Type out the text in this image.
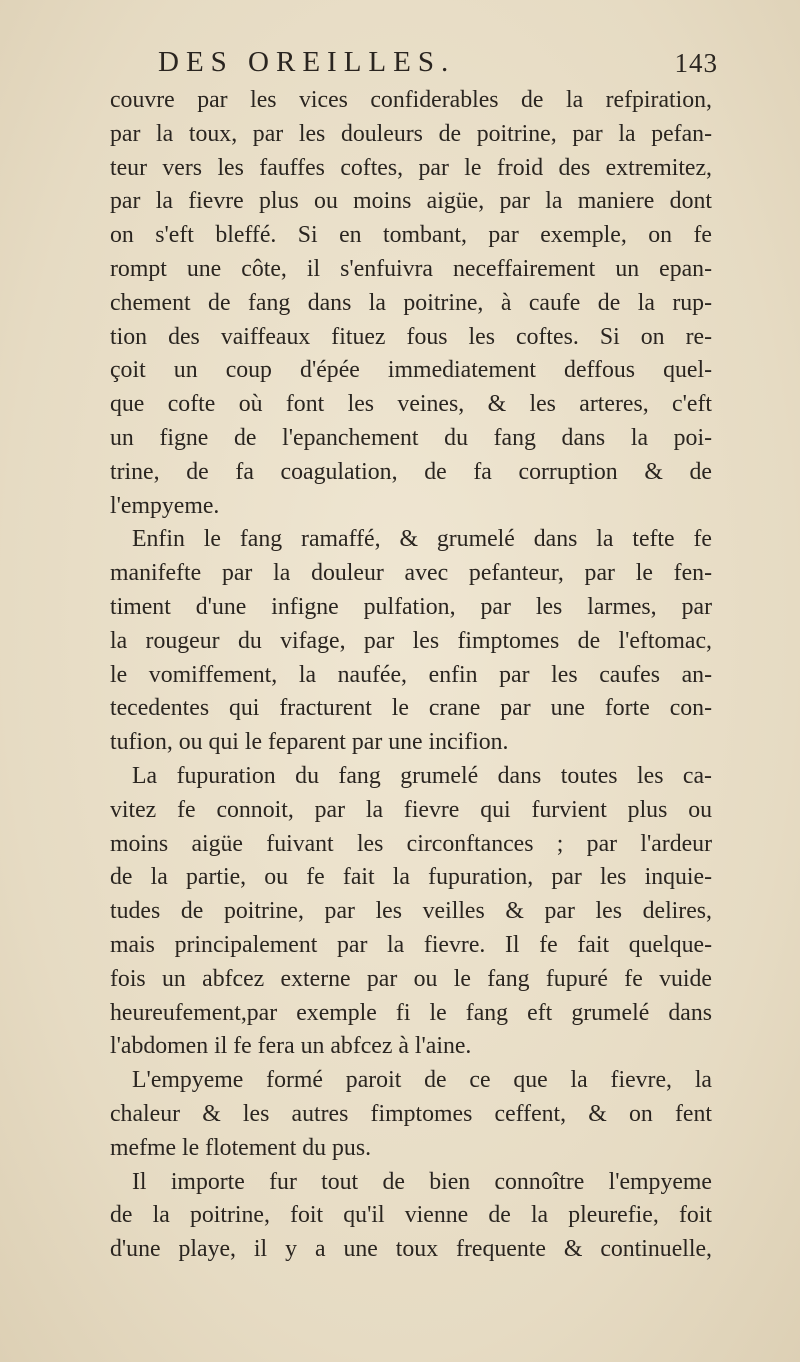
DES OREILLES.	143
couvre par les vices confiderables de la refpiration,
par la toux, par les douleurs de poitrine, par la pefan-
teur vers les fauffes coftes, par le froid des extremitez,
par la fievre plus ou moins aigüe, par la maniere dont
on s'eft bleffé. Si en tombant, par exemple, on fe
rompt une côte, il s'enfuivra neceffairement un epan-
chement de fang dans la poitrine, à caufe de la rup-
tion des vaiffeaux fituez fous les coftes. Si on re-
çoit un coup d'épée immediatement deffous quel-
que cofte où font les veines, & les arteres, c'eft
un figne de l'epanchement du fang dans la poi-
trine, de fa coagulation, de fa corruption & de
l'empyeme.
Enfin le fang ramaffé, & grumelé dans la tefte fe
manifefte par la douleur avec pefanteur, par le fen-
timent d'une infigne pulfation, par les larmes, par
la rougeur du vifage, par les fimptomes de l'eftomac,
le vomiffement, la naufée, enfin par les caufes an-
tecedentes qui fracturent le crane par une forte con-
tufion, ou qui le feparent par une incifion.
La fupuration du fang grumelé dans toutes les ca-
vitez fe connoit, par la fievre qui furvient plus ou
moins aigüe fuivant les circonftances ; par l'ardeur
de la partie, ou fe fait la fupuration, par les inquie-
tudes de poitrine, par les veilles & par les delires,
mais principalement par la fievre. Il fe fait quelque-
fois un abfcez externe par ou le fang fupuré fe vuide
heureufement,par exemple fi le fang eft grumelé dans
l'abdomen il fe fera un abfcez à l'aine.
L'empyeme formé paroit de ce que la fievre, la
chaleur & les autres fimptomes ceffent, & on fent
mefme le flotement du pus.
Il importe fur tout de bien connoître l'empyeme
de la poitrine, foit qu'il vienne de la pleurefie, foit
d'une playe, il y a une toux frequente & continuelle,
